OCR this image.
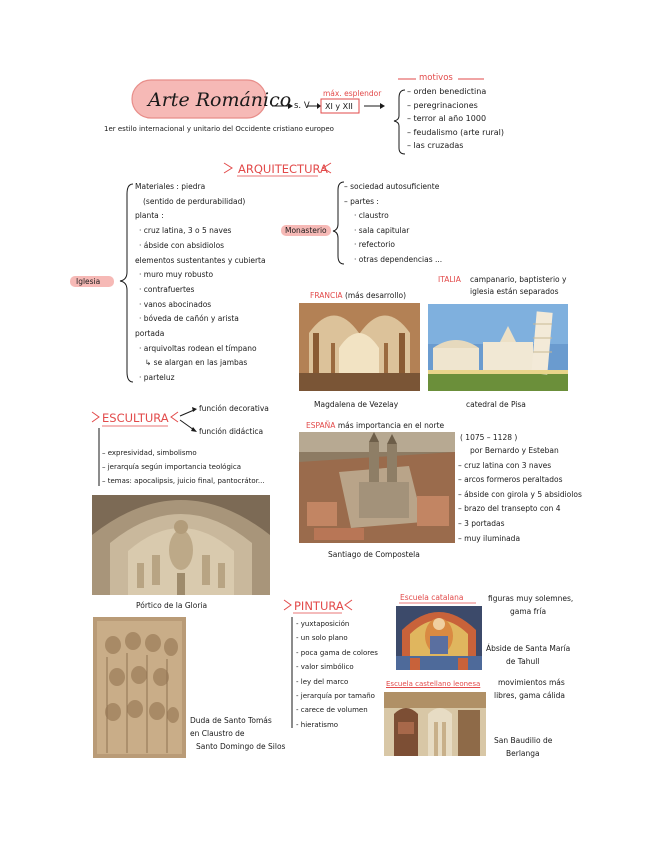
Arte Románico
1er estilo internacional y unitario del Occidente cristiano europeo
s. V
máx. esplendor
XI y XII
motivos
– orden benedictina
– peregrinaciones
– terror al año 1000
– feudalismo (arte rural)
– las cruzadas
ARQUITECTURA
Iglesia
Materiales : piedra
(sentido de perdurabilidad)
planta :
· cruz latina, 3 o 5 naves
· ábside con absidiolos
elementos sustentantes y cubierta
· muro muy robusto
· contrafuertes
· vanos abocinados
· bóveda de cañón y arista
portada
· arquivoltas rodean el tímpano
↳ se alargan en las jambas
· parteluz
Monasterio
– sociedad autosuficiente
– partes :
· claustro
· sala capitular
· refectorio
· otras dependencias ...
FRANCIA (más desarrollo)
Magdalena de Vezelay
ITALIA campanario, baptisterio y iglesia están separados
catedral de Pisa
ESPAÑA más importancia en el norte
Santiago de Compostela
( 1075 – 1128 )
por Bernardo y Esteban
– cruz latina con 3 naves
– arcos formeros peraltados
– ábside con girola y 5 absidiolos
– brazo del transepto con 4
– 3 portadas
– muy iluminada
ESCULTURA
función decorativa
función didáctica
– expresividad, simbolismo
– jerarquía según importancia teológica
– temas: apocalipsis, juicio final, pantocrátor...
Pórtico de la Gloria
Duda de Santo Tomás
en Claustro de
Santo Domingo de Silos
PINTURA
- yuxtaposición
- un solo plano
- poca gama de colores
- valor simbólico
- ley del marco
- jerarquía por tamaño
- carece de volumen
- hieratismo
Escuela catalana	figuras muy solemnes,
gama fría
Ábside de Santa María
de Tahull
Escuela castellano leonesa	movimientos más
libres, gama cálida
San Baudilio de
Berlanga
